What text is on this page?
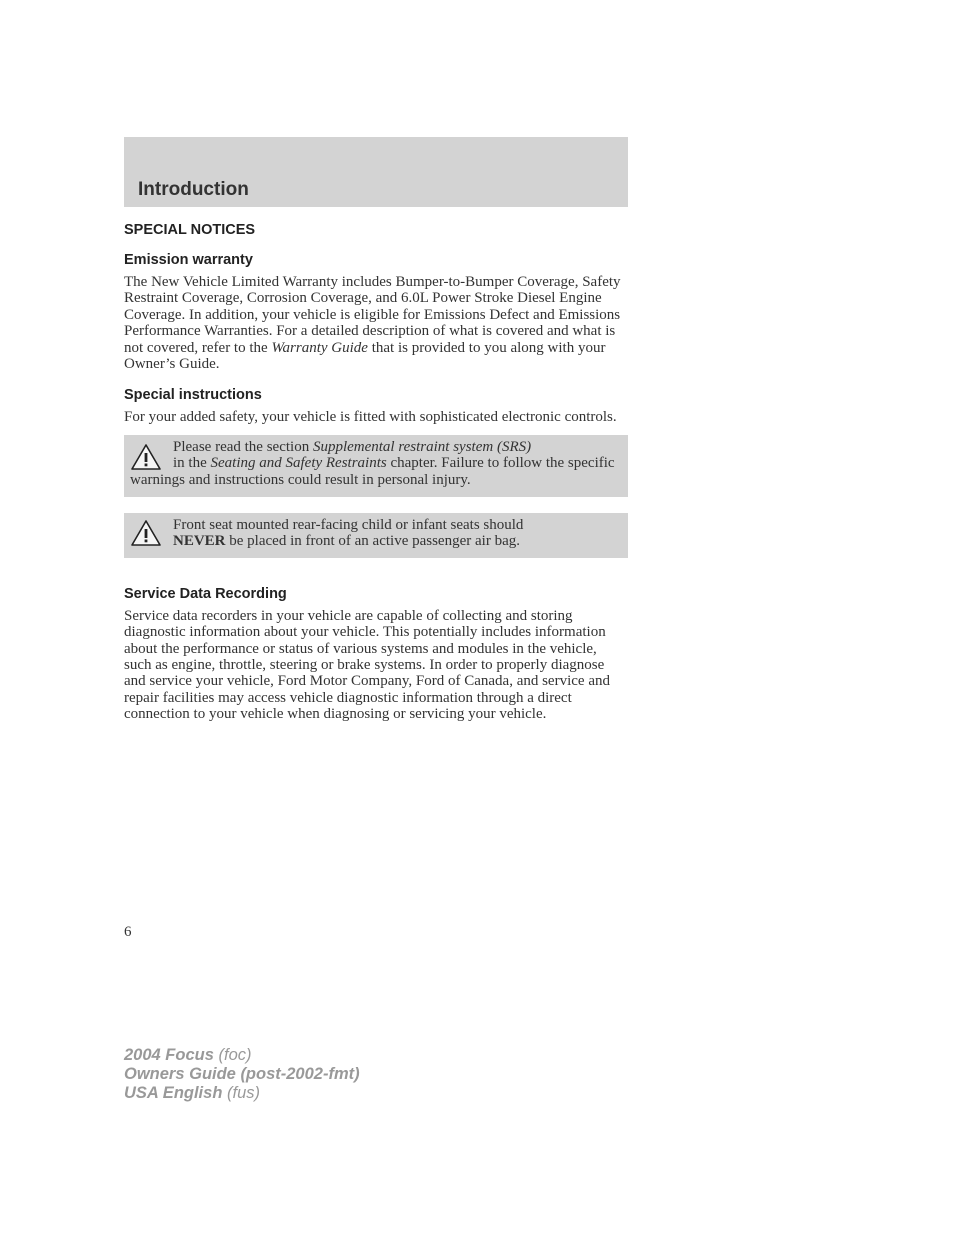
Introduction
SPECIAL NOTICES
Emission warranty

The New Vehicle Limited Warranty includes Bumper-to-Bumper Coverage, Safety Restraint Coverage, Corrosion Coverage, and 6.0L Power Stroke Diesel Engine Coverage. In addition, your vehicle is eligible for Emissions Defect and Emissions Performance Warranties. For a detailed description of what is covered and what is not covered, refer to the Warranty Guide that is provided to you along with your Owner’s Guide.

Special instructions

For your added safety, your vehicle is fitted with sophisticated electronic controls.

Please read the section Supplemental restraint system (SRS)
in the Seating and Safety Restraints chapter. Failure to follow the specific warnings and instructions could result in personal injury.

Front seat mounted rear-facing child or infant seats should
NEVER be placed in front of an active passenger air bag.

Service Data Recording

Service data recorders in your vehicle are capable of collecting and storing diagnostic information about your vehicle. This potentially includes information about the performance or status of various systems and modules in the vehicle, such as engine, throttle, steering or brake systems. In order to properly diagnose and service your vehicle, Ford Motor Company, Ford of Canada, and service and repair facilities may access vehicle diagnostic information through a direct connection to your vehicle when diagnosing or servicing your vehicle.

6
2004 Focus (foc)
Owners Guide (post-2002-fmt)
USA English (fus)
